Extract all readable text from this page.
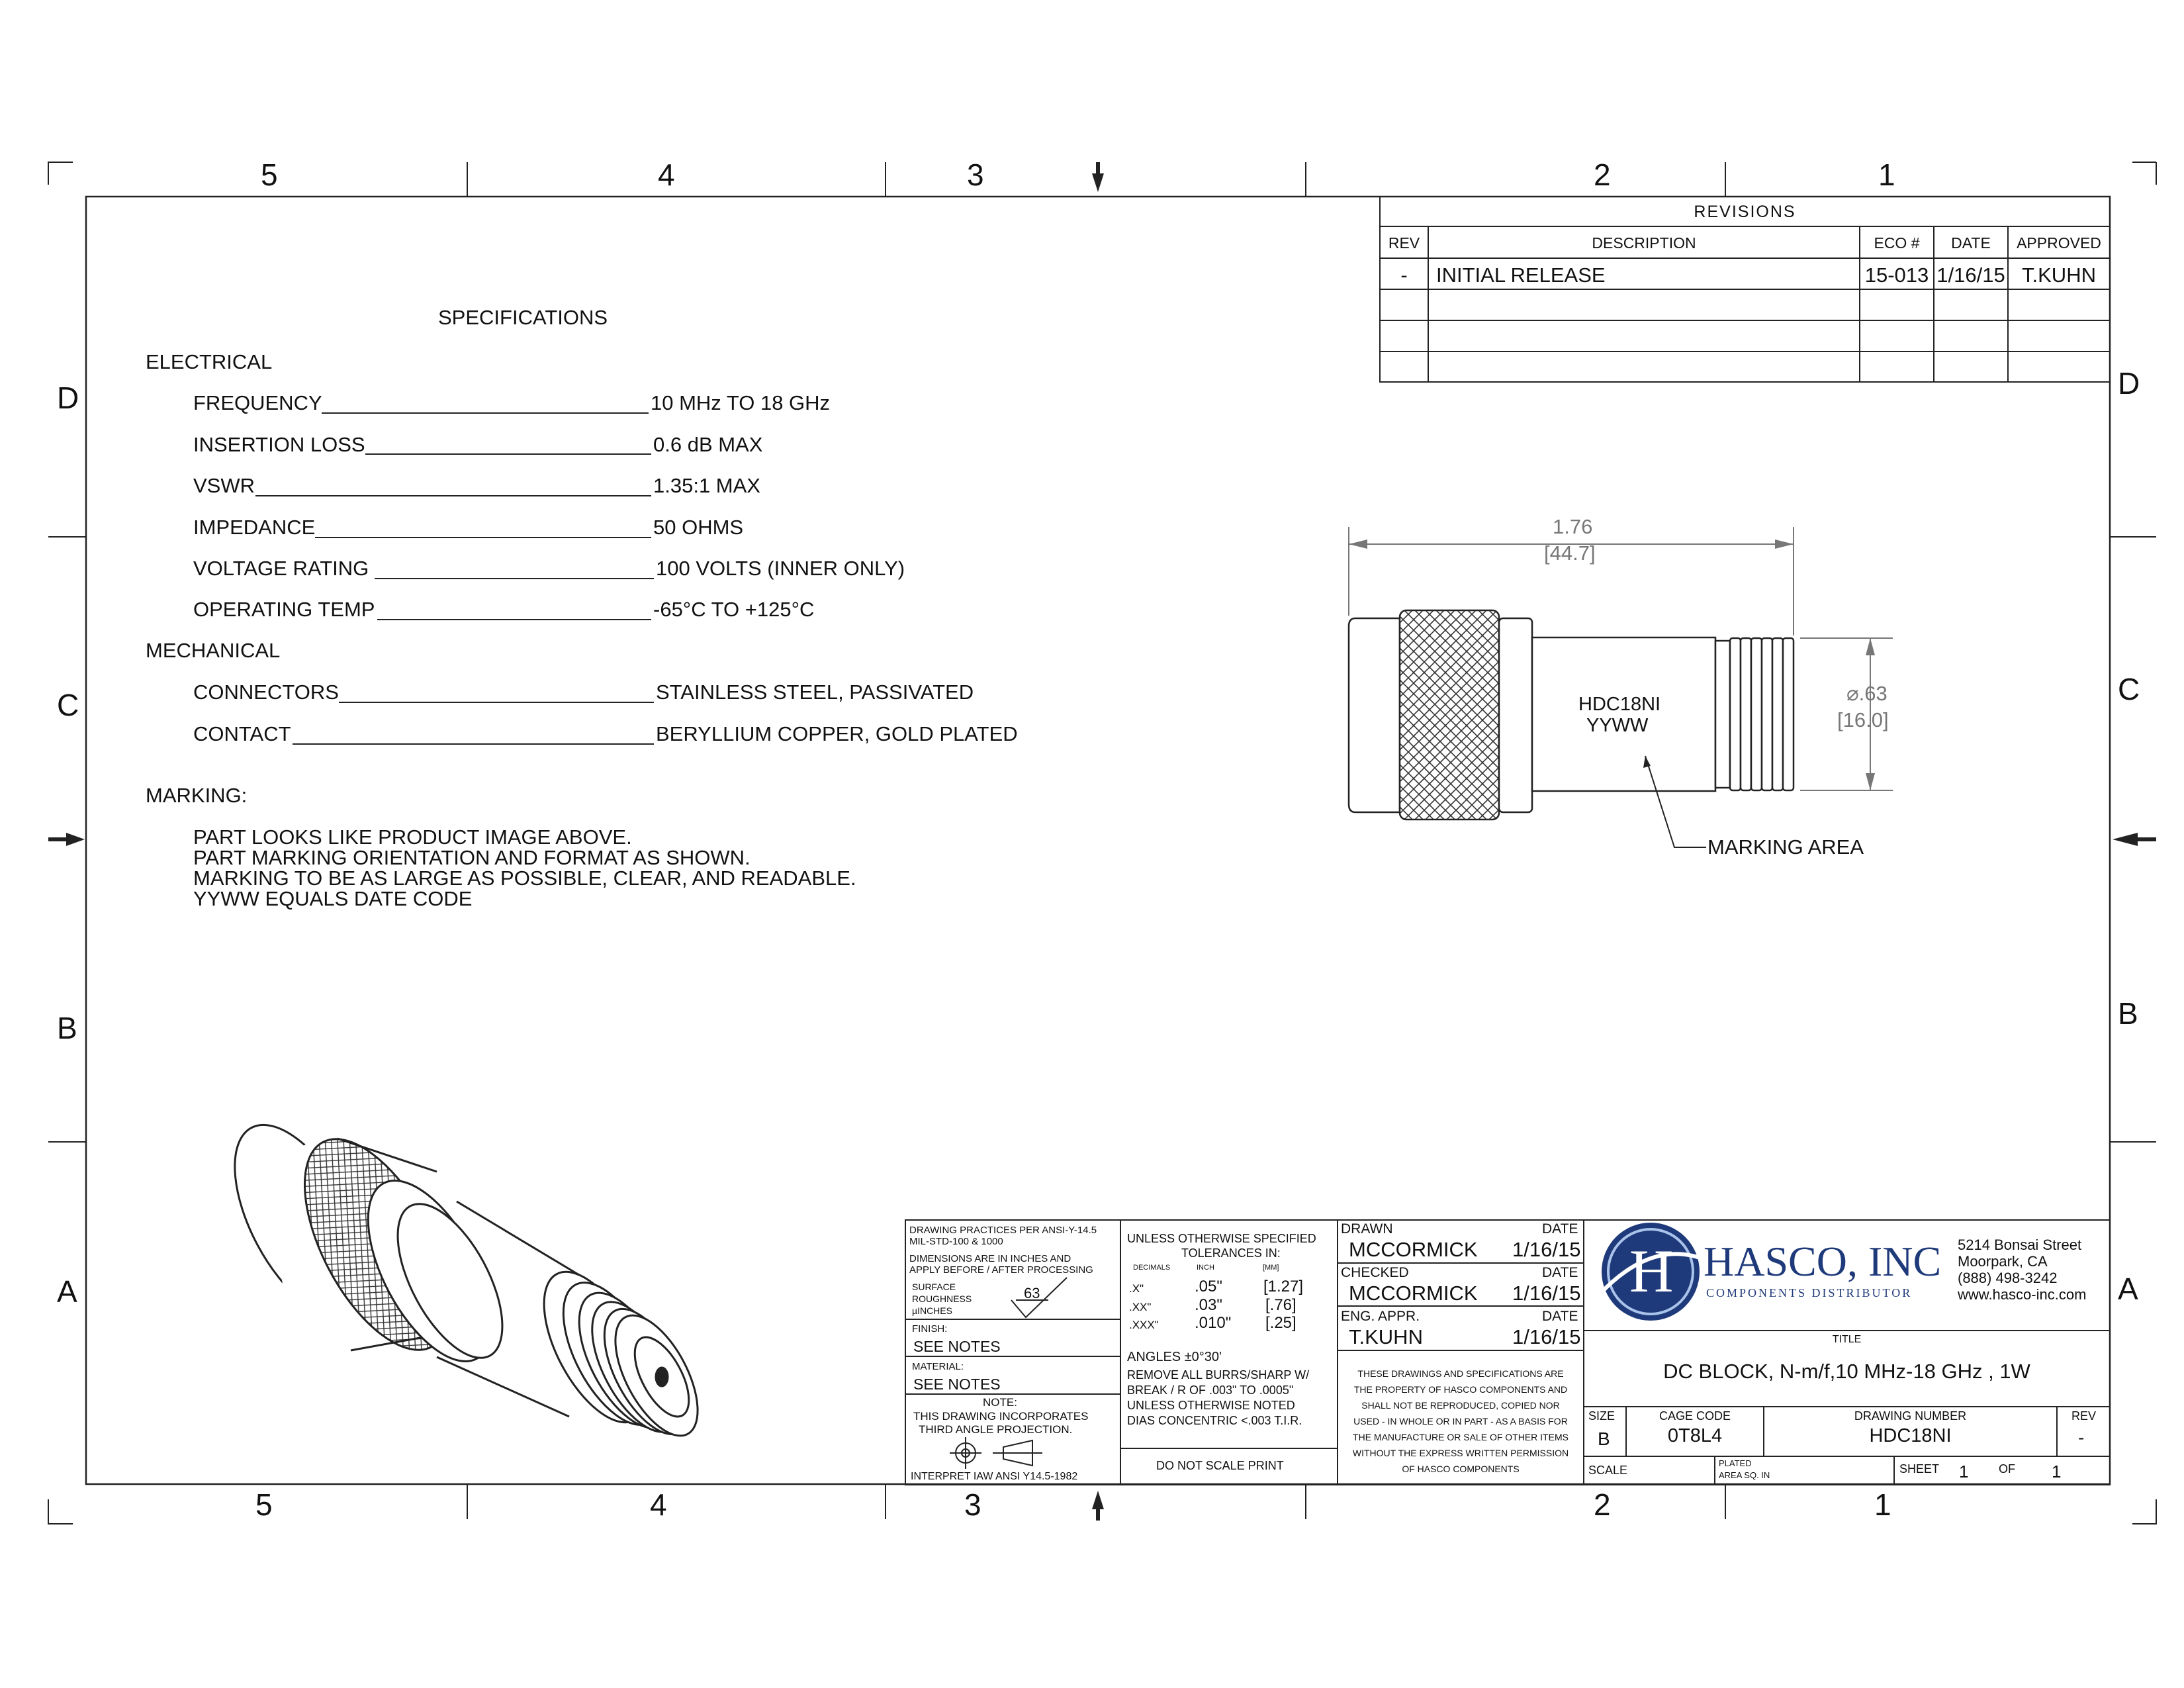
5	4	3	2	1
5	4	3	2	1
D
C
B
A
D
C
B
A
REVISIONS
REV	DESCRIPTION	ECO #	DATE	APPROVED
-	INITIAL RELEASE	15-013 1/16/15 T.KUHN
SPECIFICATIONS
ELECTRICAL
FREQUENCY	10 MHz TO 18 GHz
INSERTION LOSS	0.6 dB MAX
VSWR	1.35:1 MAX
IMPEDANCE	50 OHMS
VOLTAGE RATING	100 VOLTS (INNER ONLY)
OPERATING TEMP	-65°C TO +125°C
MECHANICAL
CONNECTORS	STAINLESS STEEL, PASSIVATED
CONTACT	BERYLLIUM COPPER, GOLD PLATED
MARKING:
PART LOOKS LIKE PRODUCT IMAGE ABOVE.
PART MARKING ORIENTATION AND FORMAT AS SHOWN.
MARKING TO BE AS LARGE AS POSSIBLE, CLEAR, AND READABLE.
YYWW EQUALS DATE CODE
1.76
[44.7]
⌀.63
[16.0]
HDC18NI
YYWW
MARKING AREA
DRAWING PRACTICES PER ANSI-Y-14.5
MIL-STD-100 & 1000
DIMENSIONS ARE IN INCHES AND
APPLY BEFORE / AFTER PROCESSING
SURFACE
ROUGHNESS
µINCHES
63
FINISH:
SEE NOTES
MATERIAL:
SEE NOTES
NOTE:
THIS DRAWING INCORPORATES
THIRD ANGLE PROJECTION.
INTERPRET IAW ANSI Y14.5-1982
UNLESS OTHERWISE SPECIFIED
TOLERANCES IN:
DECIMALS	INCH	[MM]
.X"	.05"	[1.27]
.XX"	.03"	[.76]
.XXX" .010" [.25]
ANGLES ±0°30'
REMOVE ALL BURRS/SHARP W/
BREAK / R OF .003" TO .0005"
UNLESS OTHERWISE NOTED
DIAS CONCENTRIC <.003 T.I.R.
DO NOT SCALE PRINT
DRAWN	DATE
MCCORMICK 1/16/15
CHECKED	DATE
MCCORMICK 1/16/15
ENG. APPR.	DATE
T.KUHN	1/16/15
THESE DRAWINGS AND SPECIFICATIONS ARE
THE PROPERTY OF HASCO COMPONENTS AND
SHALL NOT BE REPRODUCED, COPIED NOR
USED - IN WHOLE OR IN PART - AS A BASIS FOR
THE MANUFACTURE OR SALE OF OTHER ITEMS
WITHOUT THE EXPRESS WRITTEN PERMISSION
OF HASCO COMPONENTS
H HASCO, INC
COMPONENTS DISTRIBUTOR
5214 Bonsai Street
Moorpark, CA
(888) 498-3242
www.hasco-inc.com
TITLE
DC BLOCK, N-m/f,10 MHz-18 GHz , 1W
SIZE
B
CAGE CODE
0T8L4
DRAWING NUMBER
HDC18NI
REV
-
SCALE
PLATED
AREA SQ. IN	SHEET 1	OF 1
